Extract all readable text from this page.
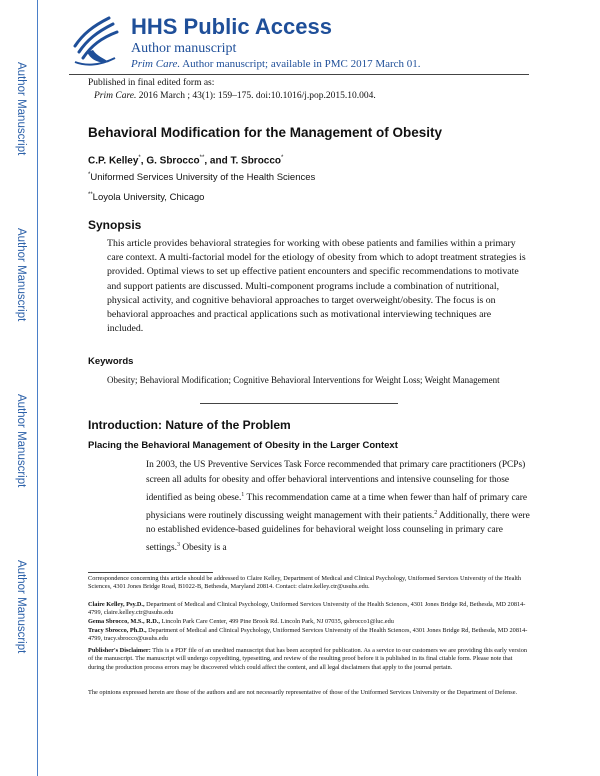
Author Manuscript
Author Manuscript
Author Manuscript
Author Manuscript
HHS Public Access
Author manuscript
Prim Care. Author manuscript; available in PMC 2017 March 01.
Published in final edited form as:
Prim Care. 2016 March ; 43(1): 159–175. doi:10.1016/j.pop.2015.10.004.
Behavioral Modification for the Management of Obesity
C.P. Kelley*, G. Sbrocco**, and T. Sbrocco*
*Uniformed Services University of the Health Sciences
**Loyola University, Chicago
Synopsis
This article provides behavioral strategies for working with obese patients and families within a primary care context. A multi-factorial model for the etiology of obesity from which to adopt treatment strategies is provided. Optimal views to set up effective patient encounters and specific recommendations to motivate and support patients are discussed. Multi-component programs include a combination of nutritional, physical activity, and cognitive behavioral approaches to target overweight/obesity. The focus is on behavioral approaches and practical applications such as motivational interviewing techniques are included.
Keywords
Obesity; Behavioral Modification; Cognitive Behavioral Interventions for Weight Loss; Weight Management
Introduction: Nature of the Problem
Placing the Behavioral Management of Obesity in the Larger Context
In 2003, the US Preventive Services Task Force recommended that primary care practitioners (PCPs) screen all adults for obesity and offer behavioral interventions and intensive counseling for those identified as being obese.$^1$ This recommendation came at a time when fewer than half of primary care physicians were routinely discussing weight management with their patients.$^2$ Additionally, there were no established evidence-based guidelines for behavioral weight loss counseling in primary care settings.$^3$ Obesity is a
Correspondence concerning this article should be addressed to Claire Kelley, Department of Medical and Clinical Psychology, Uniformed Services University of the Health Sciences, 4301 Jones Bridge Road, B1022-B, Bethesda, Maryland 20814. Contact: claire.kelley.ctr@usuhs.edu.
Claire Kelley, Psy.D., Department of Medical and Clinical Psychology, Uniformed Services University of the Health Sciences, 4301 Jones Bridge Rd, Bethesda, MD 20814-4799, claire.kelley.ctr@usuhs.edu
Gema Sbrocco, M.S., R.D., Lincoln Park Care Center, 499 Pine Brook Rd. Lincoln Park, NJ 07035, gsbrocco1@luc.edu
Tracy Sbrocco, Ph.D., Department of Medical and Clinical Psychology, Uniformed Services University of the Health Sciences, 4301 Jones Bridge Rd, Bethesda, MD 20814-4799, tracy.sbrocco@usuhs.edu
Publisher's Disclaimer: This is a PDF file of an unedited manuscript that has been accepted for publication. As a service to our customers we are providing this early version of the manuscript. The manuscript will undergo copyediting, typesetting, and review of the resulting proof before it is published in its final citable form. Please note that during the production process errors may be discovered which could affect the content, and all legal disclaimers that apply to the journal pertain.
The opinions expressed herein are those of the authors and are not necessarily representative of those of the Uniformed Services University or the Department of Defense.
